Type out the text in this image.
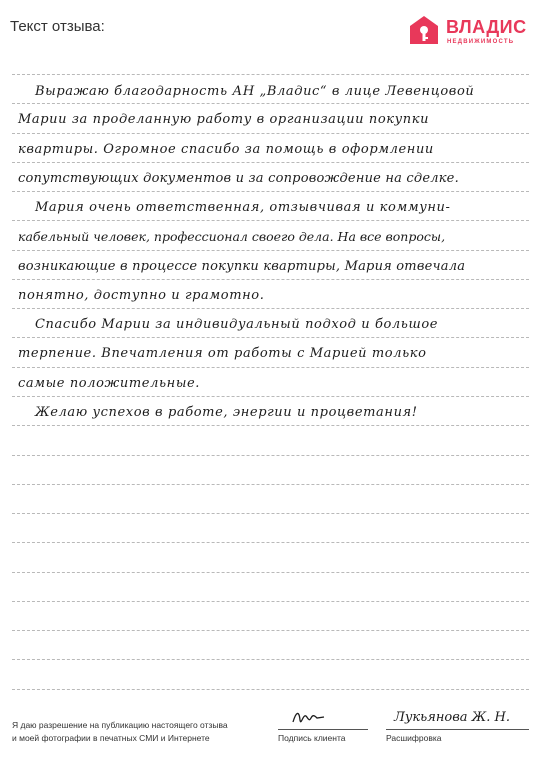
Текст отзыва:	ВЛАДИС
НЕДВИЖИМОСТЬ
Выражаю благодарность АН „Владис“ в лице Левенцовой
Марии за проделанную работу в организации покупки
квартиры. Огромное спасибо за помощь в оформлении
сопутствующих документов и за сопровождение на сделке.
Мария очень ответственная, отзывчивая и коммуни-
кабельный человек, профессионал своего дела. На все вопросы,
возникающие в процессе покупки квартиры, Мария отвечала
понятно, доступно и грамотно.
Спасибо Марии за индивидуальный подход и большое
терпение. Впечатления от работы с Марией только
самые положительные.
Желаю успехов в работе, энергии и процветания!
Я даю разрешение на публикацию настоящего отзыва
и моей фотографии в печатных СМИ и Интернете	Подпись клиента
Лукьянова Ж. Н.
Расшифровка
